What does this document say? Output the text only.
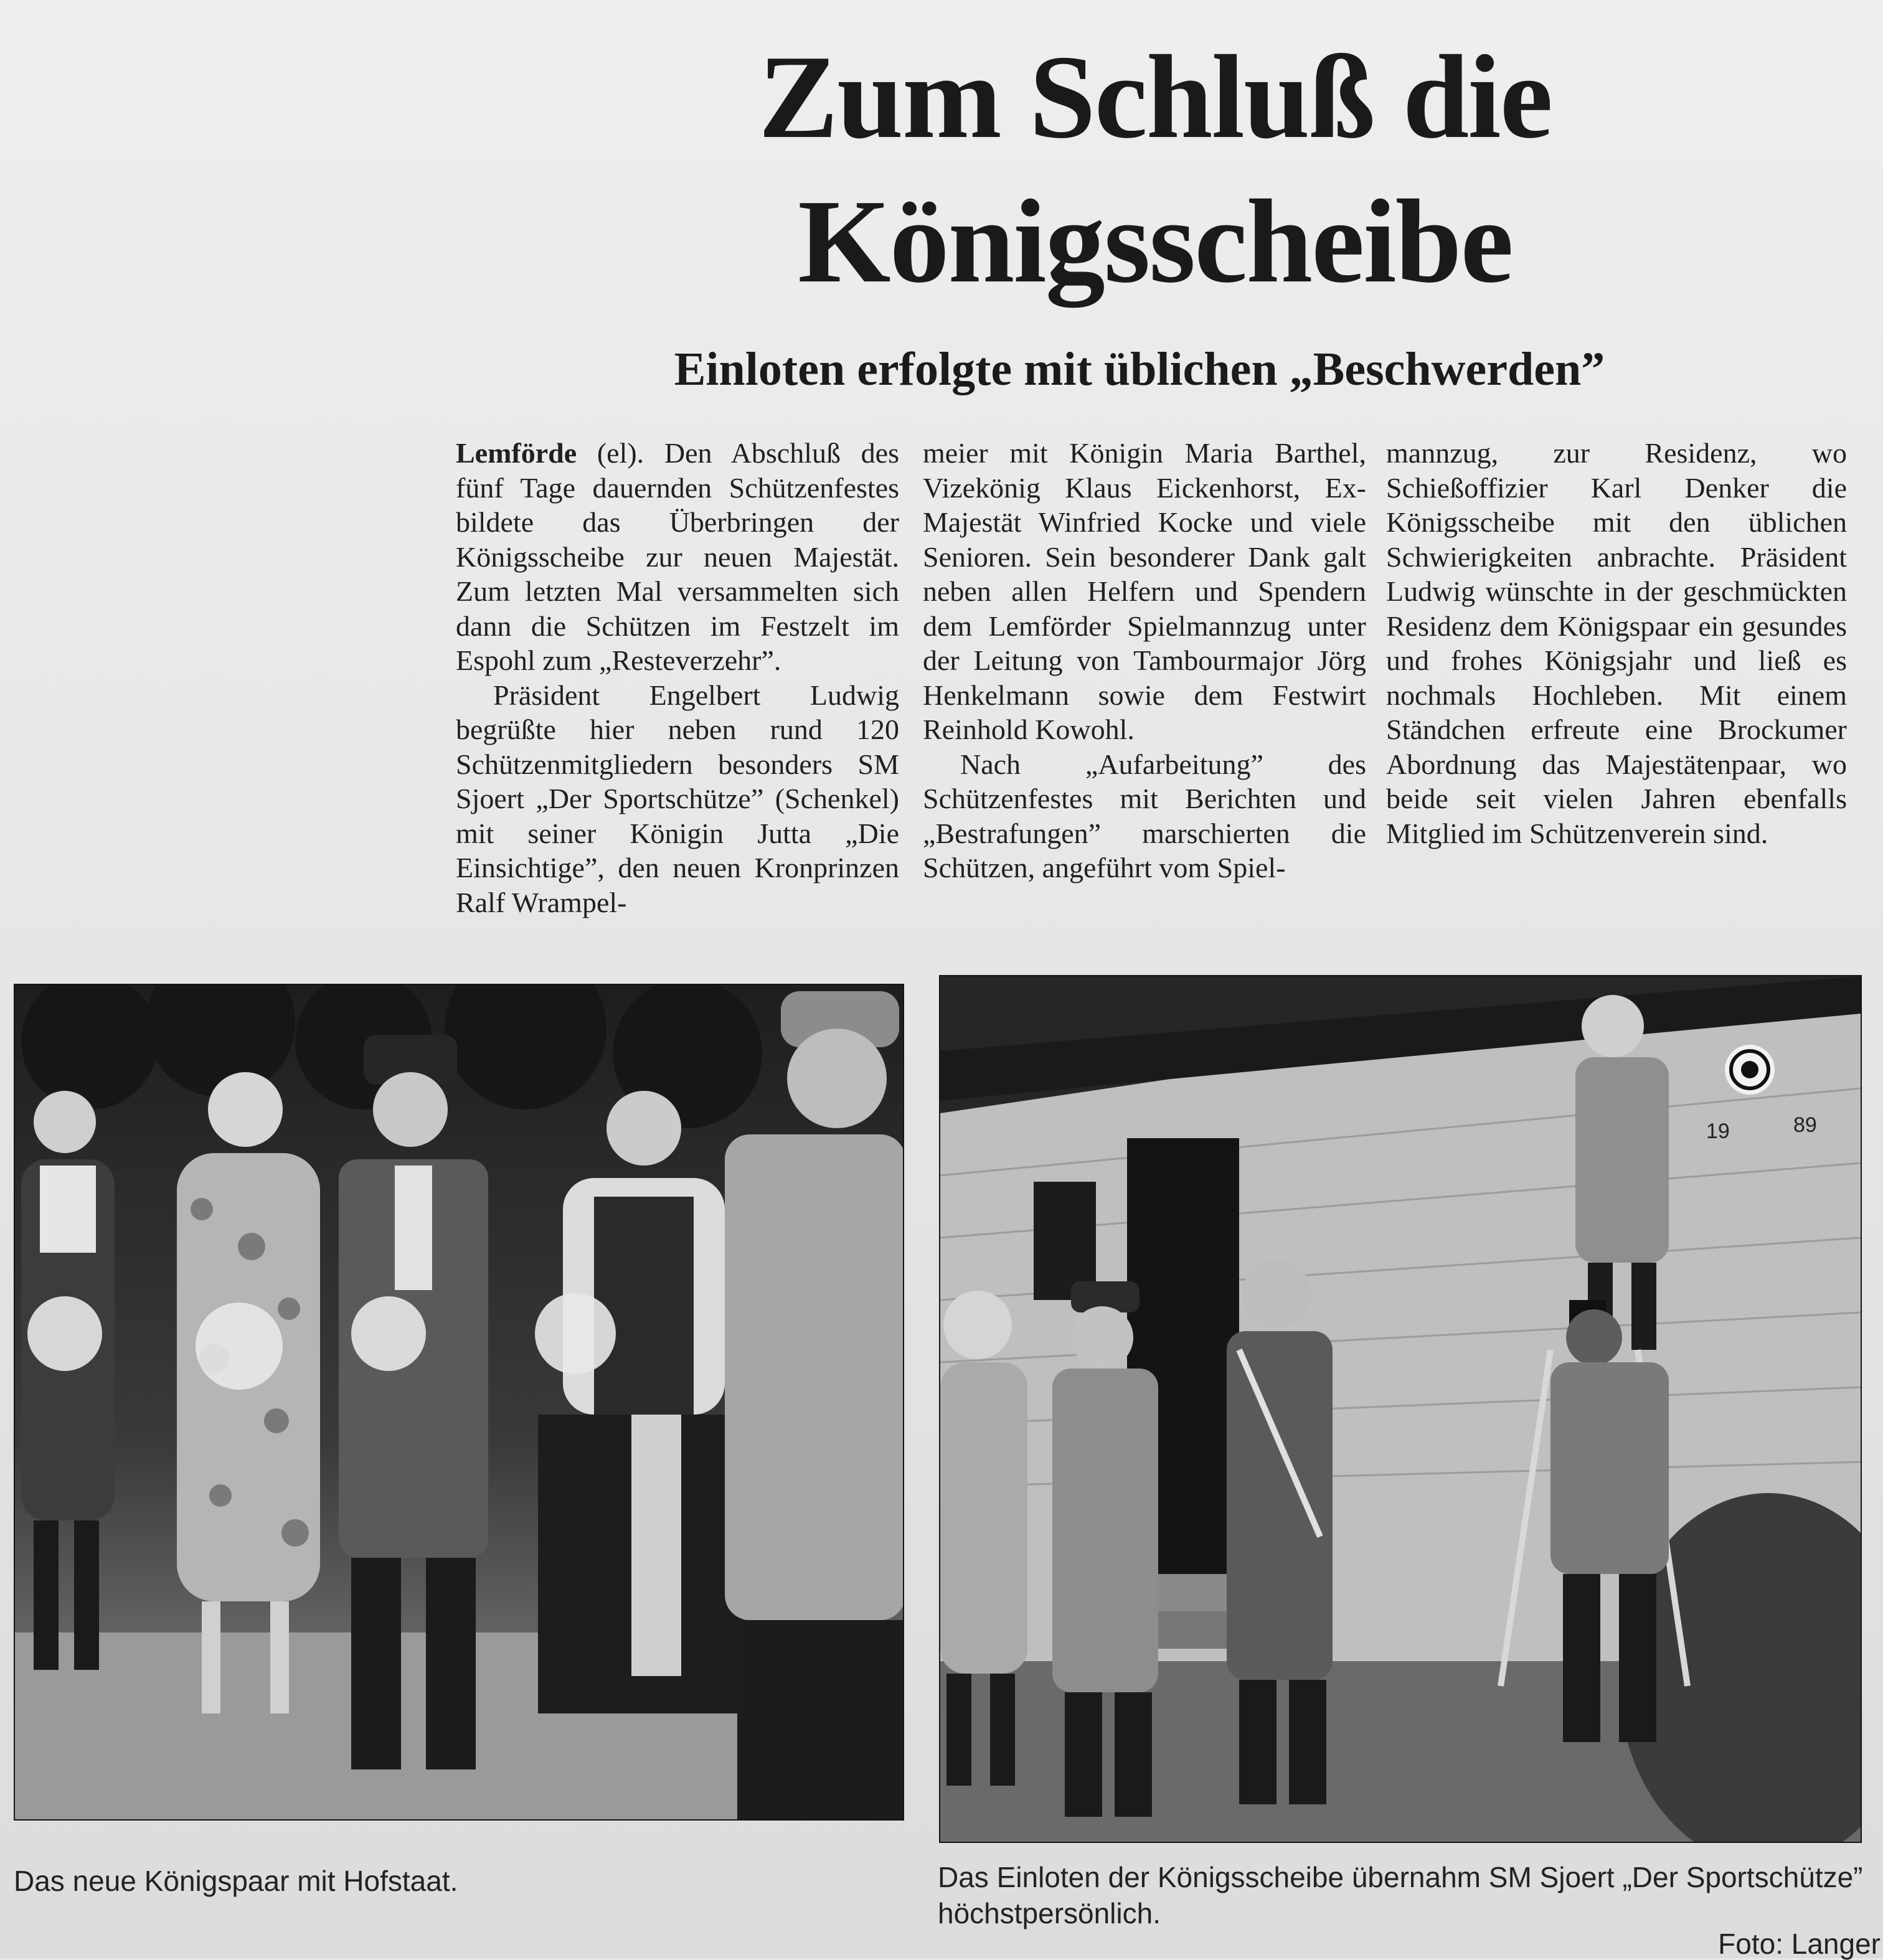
Zum Schluß die
Königsscheibe
Einloten erfolgte mit üblichen „Beschwerden”

Lemförde (el). Den Abschluß des fünf Tage dauernden Schützenfestes bildete das Überbringen der Königsscheibe zur neuen Majestät. Zum letzten Mal versammelten sich dann die Schützen im Festzelt im Espohl zum „Resteverzehr”.

Präsident Engelbert Ludwig begrüßte hier neben rund 120 Schützenmitgliedern besonders SM Sjoert „Der Sportschütze” (Schenkel) mit seiner Königin Jutta „Die Einsichtige”, den neuen Kronprinzen Ralf Wrampel-

meier mit Königin Maria Barthel, Vizekönig Klaus Eickenhorst, Ex-Majestät Winfried Kocke und viele Senioren. Sein besonderer Dank galt neben allen Helfern und Spendern dem Lemförder Spielmannzug unter der Leitung von Tambourmajor Jörg Henkelmann sowie dem Festwirt Reinhold Kowohl.

Nach „Aufarbeitung” des Schützenfestes mit Berichten und „Bestrafungen” marschierten die Schützen, angeführt vom Spiel-

mannzug, zur Residenz, wo Schießoffizier Karl Denker die Königsscheibe mit den üblichen Schwierigkeiten anbrachte. Präsident Ludwig wünschte in der geschmückten Residenz dem Königspaar ein gesundes und frohes Königsjahr und ließ es nochmals Hochleben. Mit einem Ständchen erfreute eine Brockumer Abordnung das Majestätenpaar, wo beide seit vielen Jahren ebenfalls Mitglied im Schützenverein sind.

19	89
Das neue Königspaar mit Hofstaat.	Das Einloten der Königsscheibe übernahm SM Sjoert „Der Sportschütze” höchstpersönlich.
Foto: Langer
